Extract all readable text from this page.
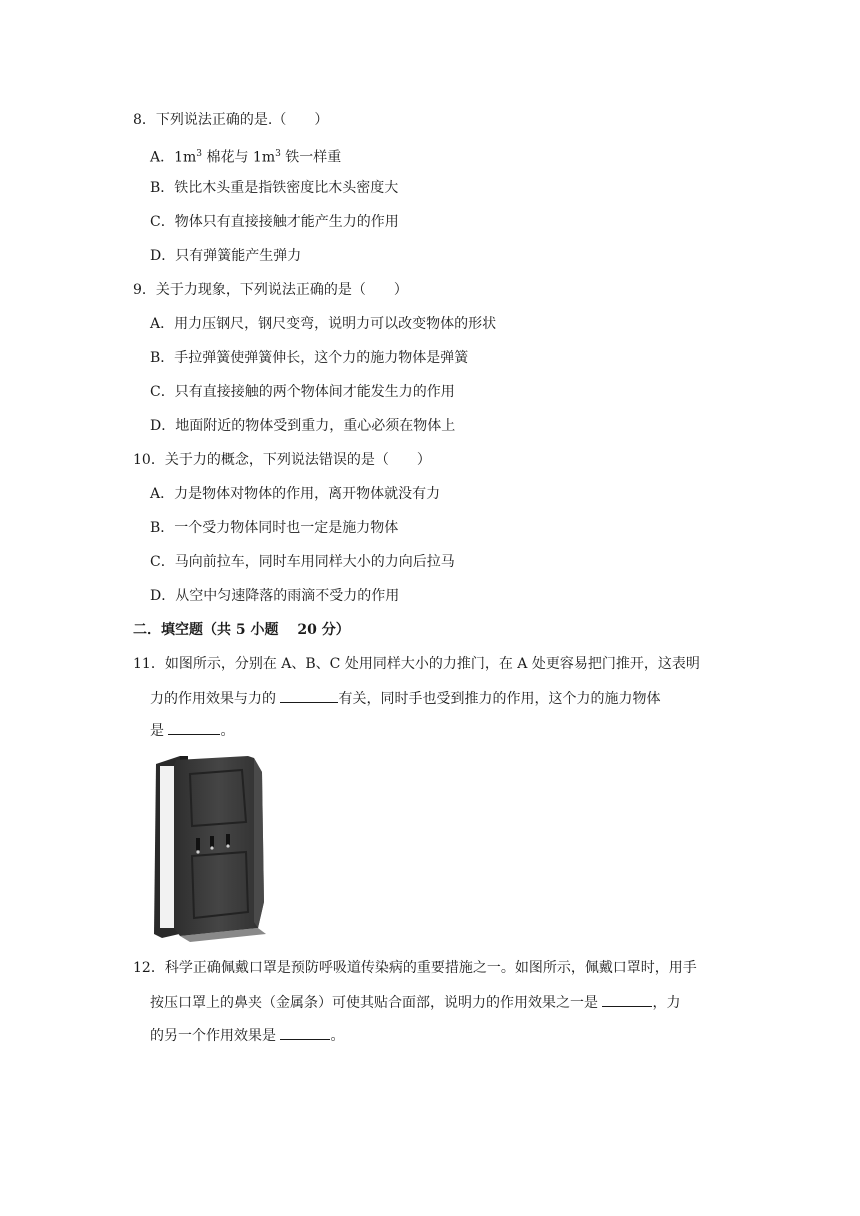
8．下列说法正确的是.（　　）
A．$1m^3$ 棉花与 $1m^3$ 铁一样重
B．铁比木头重是指铁密度比木头密度大
C．物体只有直接接触才能产生力的作用
D．只有弹簧能产生弹力
9．关于力现象，下列说法正确的是（　　）
A．用力压钢尺，钢尺变弯，说明力可以改变物体的形状
B．手拉弹簧使弹簧伸长，这个力的施力物体是弹簧
C．只有直接接触的两个物体间才能发生力的作用
D．地面附近的物体受到重力，重心必须在物体上
10．关于力的概念，下列说法错误的是（　　）
A．力是物体对物体的作用，离开物体就没有力
B．一个受力物体同时也一定是施力物体
C．马向前拉车，同时车用同样大小的力向后拉马
D．从空中匀速降落的雨滴不受力的作用
二．填空题（共 5 小题　 20 分）
11．如图所示，分别在 A、B、C 处用同样大小的力推门，在 A 处更容易把门推开，这表明
力的作用效果与力的	有关，同时手也受到推力的作用，这个力的施力物体
是	。
12．科学正确佩戴口罩是预防呼吸道传染病的重要措施之一。如图所示，佩戴口罩时，用手
按压口罩上的鼻夹（金属条）可使其贴合面部，说明力的作用效果之一是	，力
的另一个作用效果是	。
